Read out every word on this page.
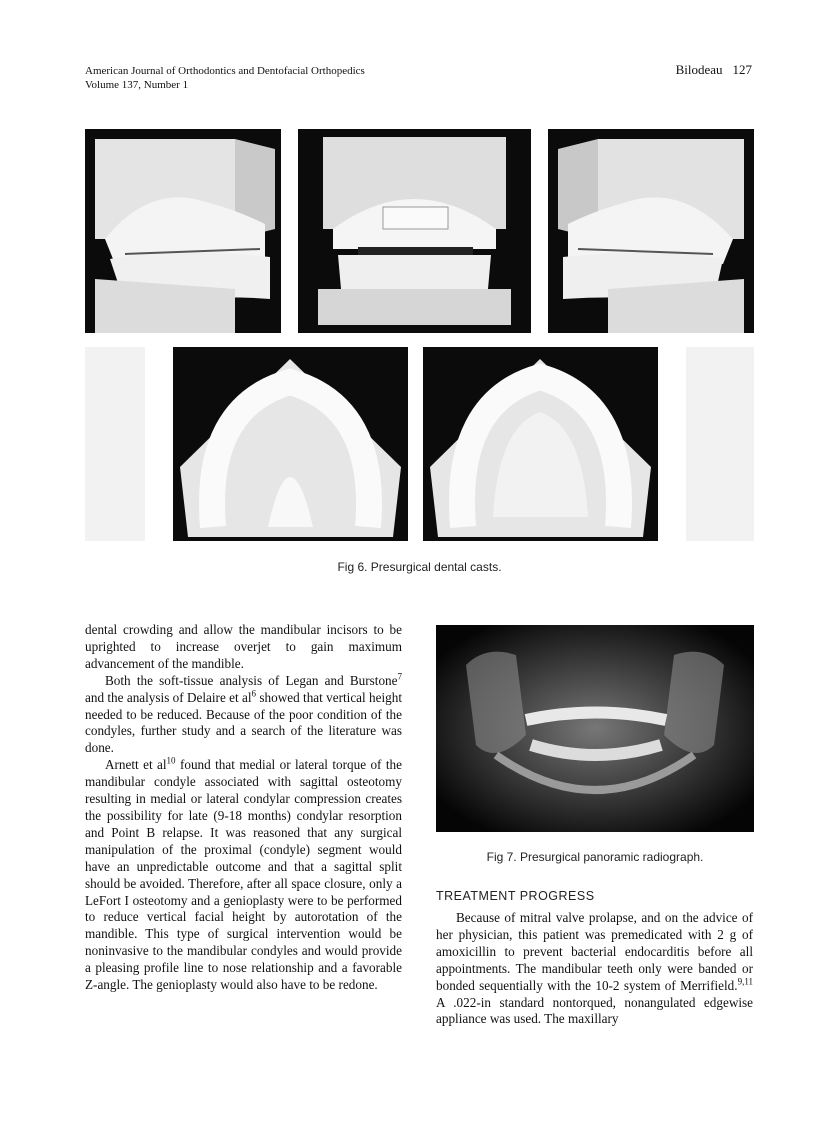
American Journal of Orthodontics and Dentofacial Orthopedics
Volume 137, Number 1
Bilodeau 127
Fig 6. Presurgical dental casts.

dental crowding and allow the mandibular incisors to be uprighted to increase overjet to gain maximum advancement of the mandible.

Both the soft-tissue analysis of Legan and Burstone$^7$ and the analysis of Delaire et $al^6$ showed that vertical height needed to be reduced. Because of the poor condition of the condyles, further study and a search of the literature was done.

Arnett et $al^{10}$ found that medial or lateral torque of the mandibular condyle associated with sagittal osteotomy resulting in medial or lateral condylar compression creates the possibility for late (9-18 months) condylar resorption and Point B relapse. It was reasoned that any surgical manipulation of the proximal (condyle) segment would have an unpredictable outcome and that a sagittal split should be avoided. Therefore, after all space closure, only a LeFort I osteotomy and a genioplasty were to be performed to reduce vertical facial height by autorotation of the mandible. This type of surgical intervention would be noninvasive to the mandibular condyles and would provide a pleasing profile line to nose relationship and a favorable Z-angle. The genioplasty would also have to be redone.

Fig 7. Presurgical panoramic radiograph.
TREATMENT PROGRESS

Because of mitral valve prolapse, and on the advice of her physician, this patient was premedicated with 2 g of amoxicillin to prevent bacterial endocarditis before all appointments. The mandibular teeth only were banded or bonded sequentially with the 10-2 system of Merrifield.$^{9,11}$ A .022-in standard nontorqued, nonangulated edgewise appliance was used. The maxillary
